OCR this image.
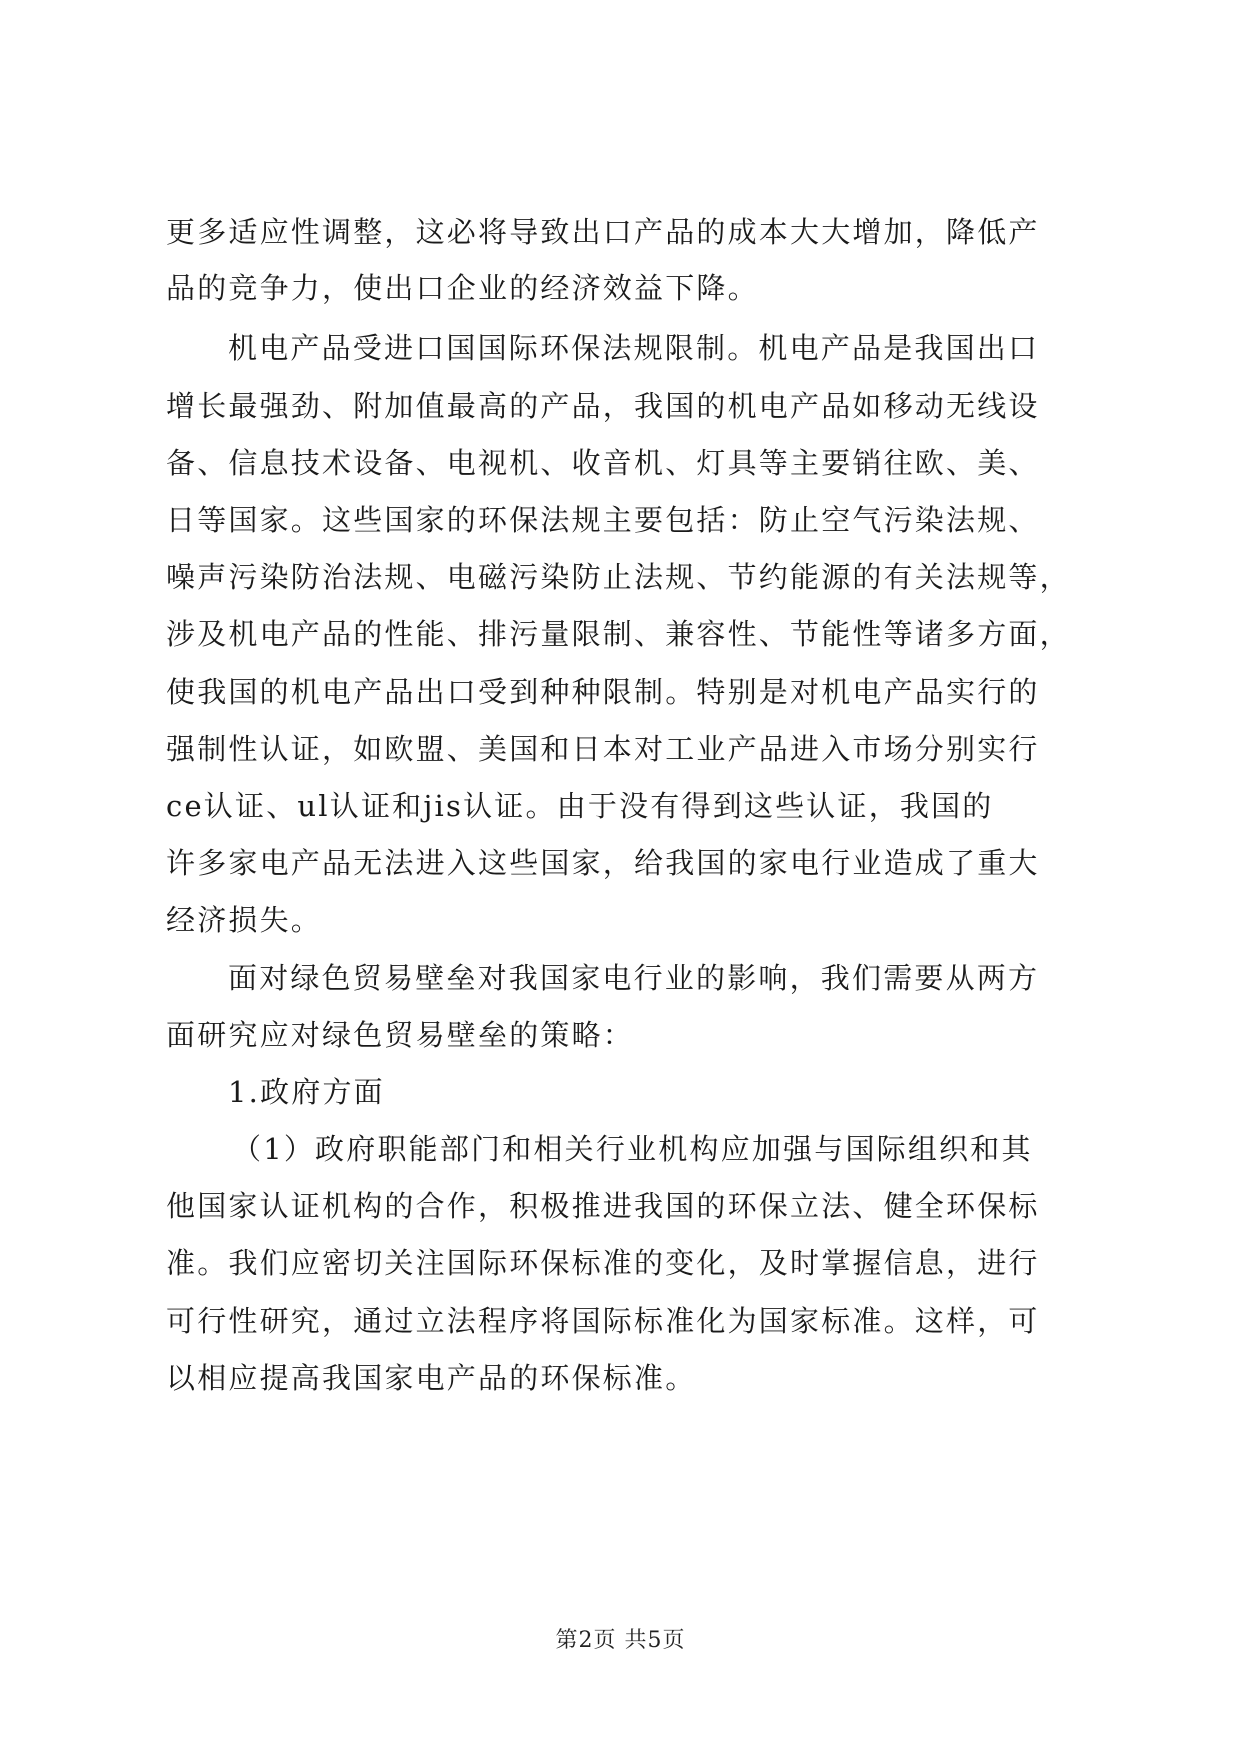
更多适应性调整，这必将导致出口产品的成本大大增加，降低产
品的竞争力，使出口企业的经济效益下降。
机电产品受进口国国际环保法规限制。机电产品是我国出口
增长最强劲、附加值最高的产品，我国的机电产品如移动无线设
备、信息技术设备、电视机、收音机、灯具等主要销往欧、美、
日等国家。这些国家的环保法规主要包括：防止空气污染法规、
噪声污染防治法规、电磁污染防止法规、节约能源的有关法规等，
涉及机电产品的性能、排污量限制、兼容性、节能性等诸多方面，
使我国的机电产品出口受到种种限制。特别是对机电产品实行的
强制性认证，如欧盟、美国和日本对工业产品进入市场分别实行
ce认证、ul认证和jis认证。由于没有得到这些认证，我国的
许多家电产品无法进入这些国家，给我国的家电行业造成了重大
经济损失。
面对绿色贸易壁垒对我国家电行业的影响，我们需要从两方
面研究应对绿色贸易壁垒的策略：
1.政府方面
（1）政府职能部门和相关行业机构应加强与国际组织和其
他国家认证机构的合作，积极推进我国的环保立法、健全环保标
准。我们应密切关注国际环保标准的变化，及时掌握信息，进行
可行性研究，通过立法程序将国际标准化为国家标准。这样，可
以相应提高我国家电产品的环保标准。
第2页 共5页
